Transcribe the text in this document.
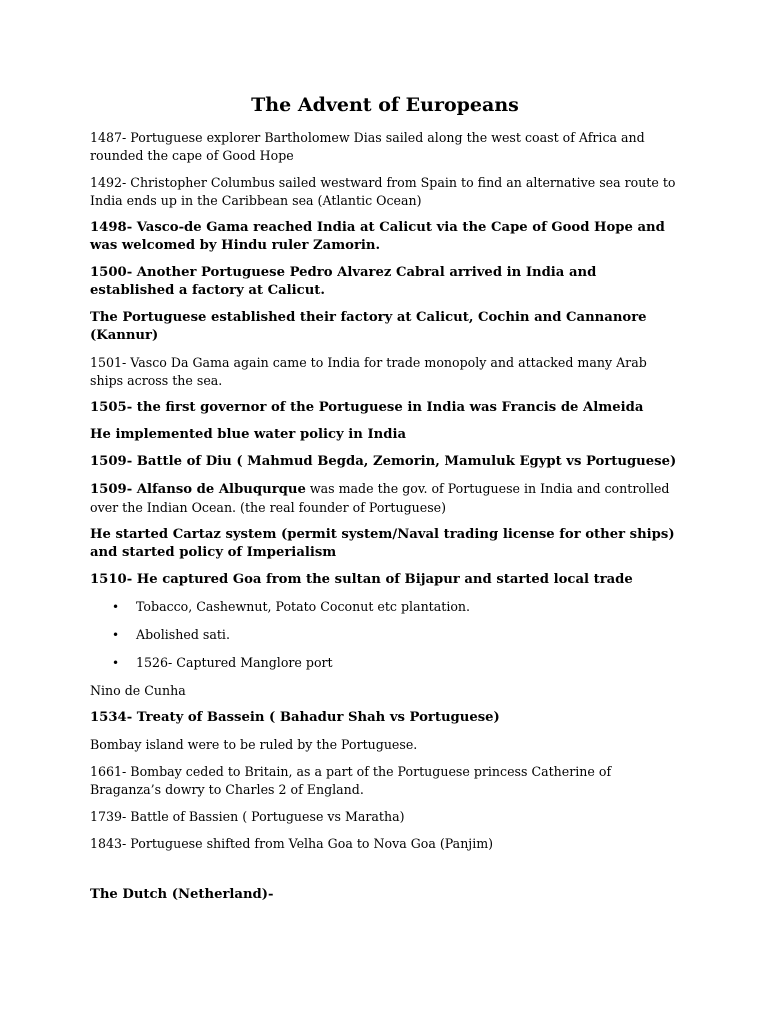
The Advent of Europeans

1487- Portuguese explorer Bartholomew Dias sailed along the west coast of Africa and rounded the cape of Good Hope

1492- Christopher Columbus sailed westward from Spain to find an alternative sea route to India ends up in the Caribbean sea (Atlantic Ocean)

1498- Vasco-de Gama reached India at Calicut via the Cape of Good Hope and was welcomed by Hindu ruler Zamorin.

1500- Another Portuguese Pedro Alvarez Cabral arrived in India and established a factory at Calicut.

The Portuguese established their factory at Calicut, Cochin and Cannanore (Kannur)

1501- Vasco Da Gama again came to India for trade monopoly and attacked many Arab ships across the sea.

1505- the first governor of the Portuguese in India was Francis de Almeida

He implemented blue water policy in India

1509- Battle of Diu ( Mahmud Begda, Zemorin, Mamuluk Egypt vs Portuguese)

1509- Alfanso de Albuqurque was made the gov. of Portuguese in India and controlled over the Indian Ocean. (the real founder of Portuguese)

He started Cartaz system (permit system/Naval trading license for other ships) and started policy of Imperialism

1510- He captured Goa from the sultan of Bijapur and started local trade

• Tobacco, Cashewnut, Potato Coconut etc plantation.
• Abolished sati.
• 1526- Captured Manglore port

Nino de Cunha

1534- Treaty of Bassein ( Bahadur Shah vs Portuguese)

Bombay island were to be ruled by the Portuguese.

1661- Bombay ceded to Britain, as a part of the Portuguese princess Catherine of Braganza’s dowry to Charles 2 of England.

1739- Battle of Bassien ( Portuguese vs Maratha)

1843- Portuguese shifted from Velha Goa to Nova Goa (Panjim)

The Dutch (Netherland)-
